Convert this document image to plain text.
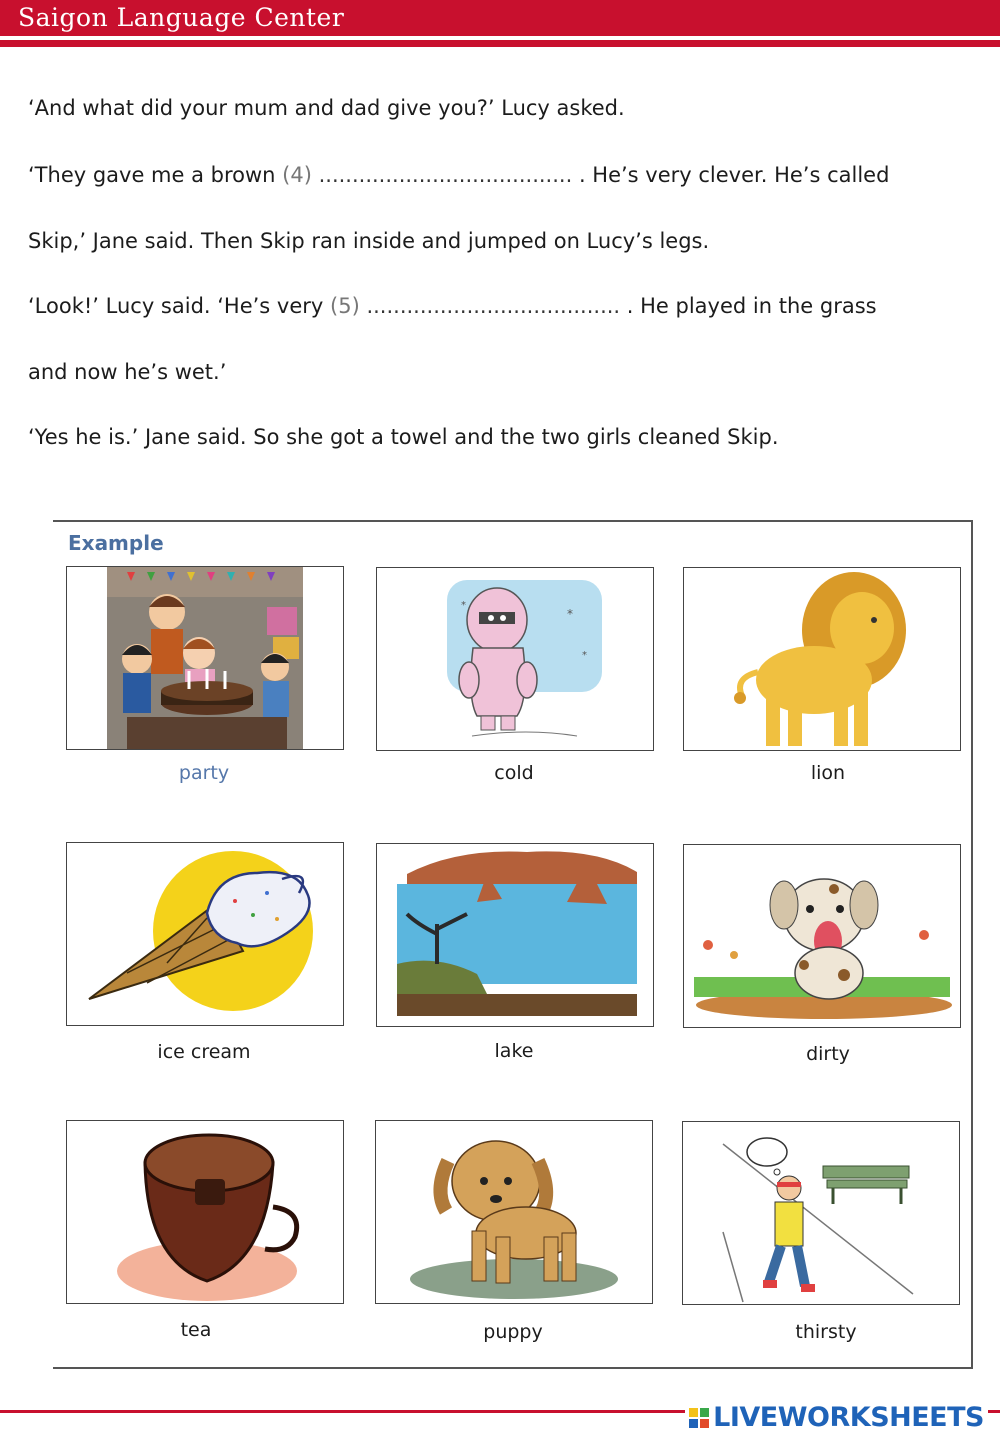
Saigon Language Center
‘And what did your mum and dad give you?’ Lucy asked.
‘They gave me a brown (4) ...................................... . He’s very clever. He’s called
Skip,’ Jane said. Then Skip ran inside and jumped on Lucy’s legs.
‘Look!’ Lucy said. ‘He’s very (5) ...................................... . He played in the grass
and now he’s wet.’
‘Yes he is.’ Jane said. So she got a towel and the two girls cleaned Skip.
Example
party
*
*
*
cold	lion
ice cream	lake	dirty
tea	puppy	thirsty
LIVEWORKSHEETS
